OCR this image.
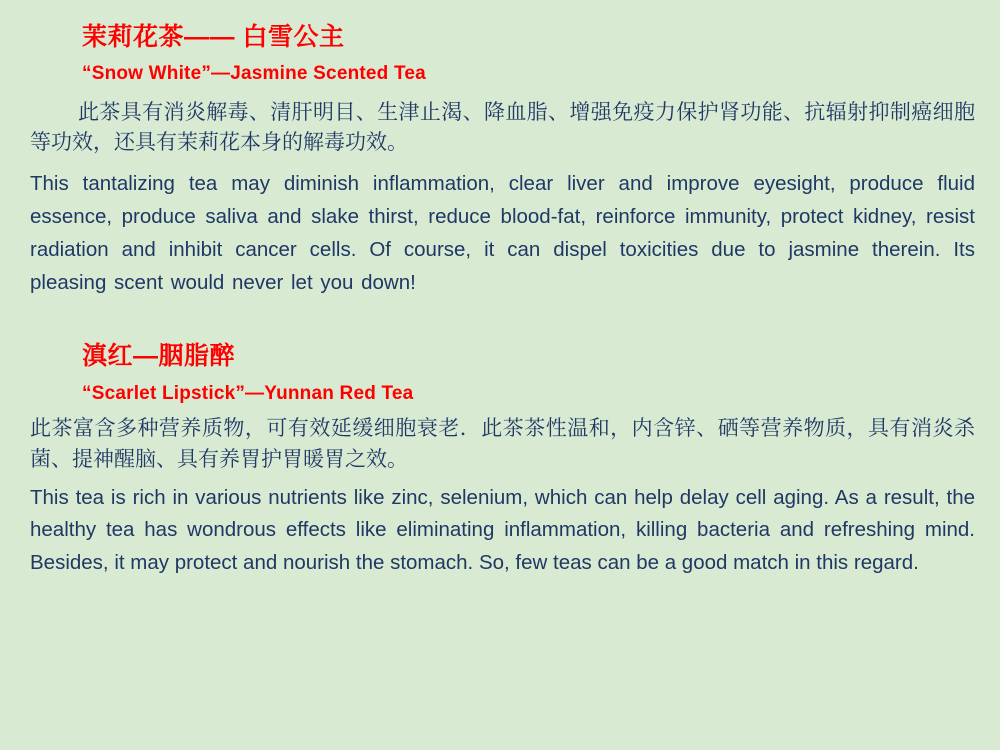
茉莉花茶—— 白雪公主
“Snow White”—Jasmine Scented Tea
此茶具有消炎解毒、清肝明目、生津止渴、降血脂、增强免疫力保护肾功能、抗辐射抑制癌细胞等功效，还具有茉莉花本身的解毒功效。
This tantalizing tea may diminish inflammation, clear liver and improve eyesight, produce fluid essence, produce saliva and slake thirst, reduce blood-fat, reinforce immunity, protect kidney, resist radiation and inhibit cancer cells. Of course, it can dispel toxicities due to jasmine therein. Its pleasing scent would never let you down!
滇红—胭脂醉
“Scarlet Lipstick”—Yunnan Red Tea
此茶富含多种营养质物，可有效延缓细胞衰老．此茶茶性温和，内含锌、硒等营养物质，具有消炎杀菌、提神醒脑、具有养胃护胃暖胃之效。
This tea is rich in various nutrients like zinc, selenium, which can help delay cell aging. As a result, the healthy tea has wondrous effects like eliminating inflammation, killing bacteria and refreshing mind. Besides, it may protect and nourish the stomach. So, few teas can be a good match in this regard.
